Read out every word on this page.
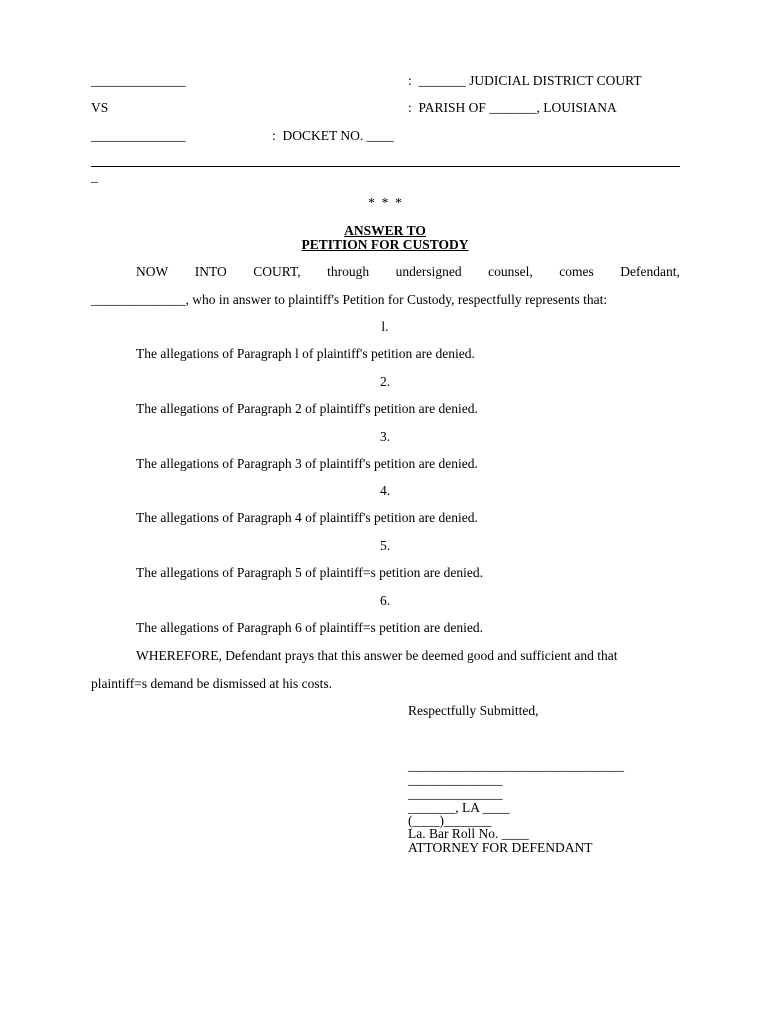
______________	:  _______ JUDICIAL DISTRICT COURT
VS	:  PARISH OF _______, LOUISIANA
______________	:  DOCKET NO. ____
_
*  *  *
ANSWER TO
PETITION FOR CUSTODY
NOW INTO COURT, through undersigned counsel, comes Defendant,
______________, who in answer to plaintiff's Petition for Custody, respectfully represents that:
l.
The allegations of Paragraph l of plaintiff's petition are denied.
2.
The allegations of Paragraph 2 of plaintiff's petition are denied.
3.
The allegations of Paragraph 3 of plaintiff's petition are denied.
4.
The allegations of Paragraph 4 of plaintiff's petition are denied.
5.
The allegations of Paragraph 5 of plaintiff=s petition are denied.
6.
The allegations of Paragraph 6 of plaintiff=s petition are denied.
WHEREFORE, Defendant prays that this answer be deemed good and sufficient and that
plaintiff=s demand be dismissed at his costs.
Respectfully Submitted,
________________________________
______________
______________
_______, LA ____
(____)_______
La. Bar Roll No. ____
ATTORNEY FOR DEFENDANT
